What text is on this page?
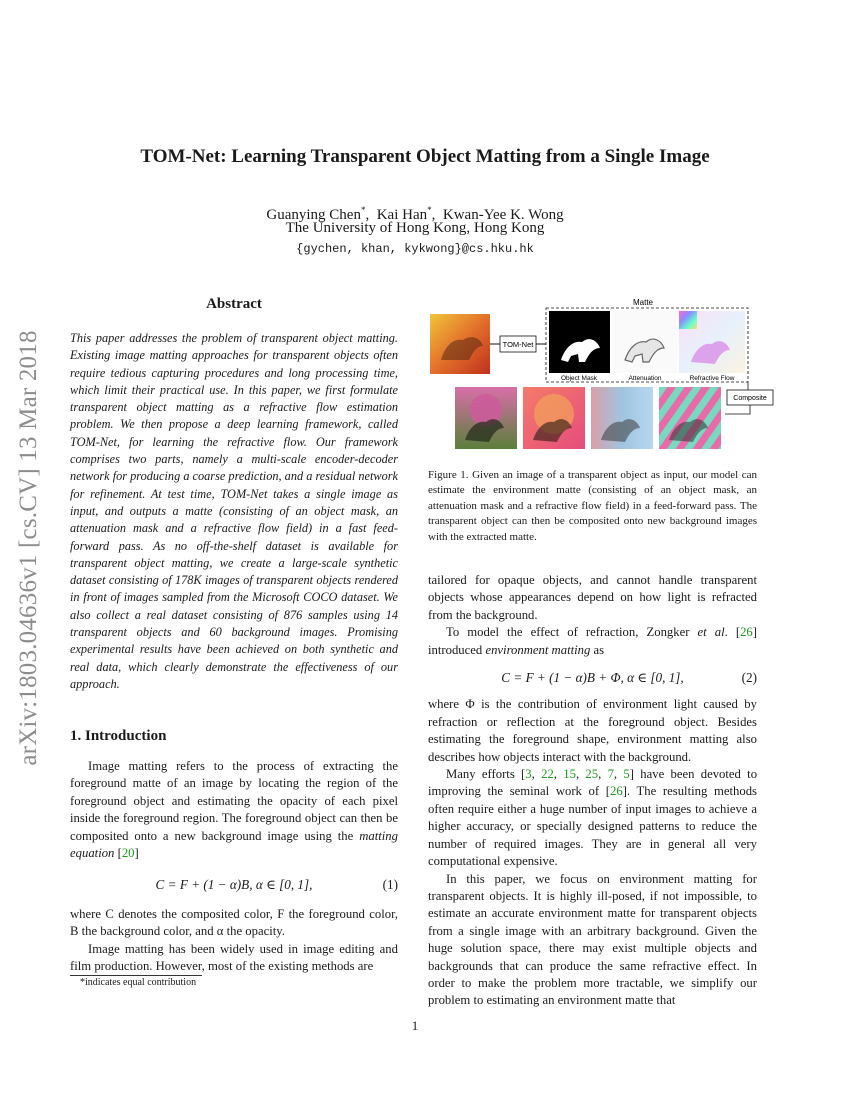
arXiv:1803.04636v1 [cs.CV] 13 Mar 2018
TOM-Net: Learning Transparent Object Matting from a Single Image
Guanying Chen*,  Kai Han*,  Kwan-Yee K. Wong
The University of Hong Kong, Hong Kong
{gychen, khan, kykwong}@cs.hku.hk
Abstract
This paper addresses the problem of transparent object matting. Existing image matting approaches for transparent objects often require tedious capturing procedures and long processing time, which limit their practical use. In this paper, we first formulate transparent object matting as a refractive flow estimation problem. We then propose a deep learning framework, called TOM-Net, for learning the refractive flow. Our framework comprises two parts, namely a multi-scale encoder-decoder network for producing a coarse prediction, and a residual network for refinement. At test time, TOM-Net takes a single image as input, and outputs a matte (consisting of an object mask, an attenuation mask and a refractive flow field) in a fast feed-forward pass. As no off-the-shelf dataset is available for transparent object matting, we create a large-scale synthetic dataset consisting of 178K images of transparent objects rendered in front of images sampled from the Microsoft COCO dataset. We also collect a real dataset consisting of 876 samples using 14 transparent objects and 60 background images. Promising experimental results have been achieved on both synthetic and real data, which clearly demonstrate the effectiveness of our approach.
1. Introduction

Image matting refers to the process of extracting the foreground matte of an image by locating the region of the foreground object and estimating the opacity of each pixel inside the foreground region. The foreground object can then be composited onto a new background image using the matting equation [20]

C = F + (1 − α)B, α ∈ [0, 1],	(1)

where C denotes the composited color, F the foreground color, B the background color, and α the opacity.

Image matting has been widely used in image editing and film production. However, most of the existing methods are

*indicates equal contribution
Matte
TOM-Net
Object Mask	Attenuation	Refractive Flow
Composite
Figure 1. Given an image of a transparent object as input, our model can estimate the environment matte (consisting of an object mask, an attenuation mask and a refractive flow field) in a feed-forward pass. The transparent object can then be composited onto new background images with the extracted matte.

tailored for opaque objects, and cannot handle transparent objects whose appearances depend on how light is refracted from the background.

To model the effect of refraction, Zongker et al. [26] introduced environment matting as

C = F + (1 − α)B + Φ, α ∈ [0, 1],	(2)

where Φ is the contribution of environment light caused by refraction or reflection at the foreground object. Besides estimating the foreground shape, environment matting also describes how objects interact with the background.

Many efforts [3, 22, 15, 25, 7, 5] have been devoted to improving the seminal work of [26]. The resulting methods often require either a huge number of input images to achieve a higher accuracy, or specially designed patterns to reduce the number of required images. They are in general all very computational expensive.

In this paper, we focus on environment matting for transparent objects. It is highly ill-posed, if not impossible, to estimate an accurate environment matte for transparent objects from a single image with an arbitrary background. Given the huge solution space, there may exist multiple objects and backgrounds that can produce the same refractive effect. In order to make the problem more tractable, we simplify our problem to estimating an environment matte that

1
